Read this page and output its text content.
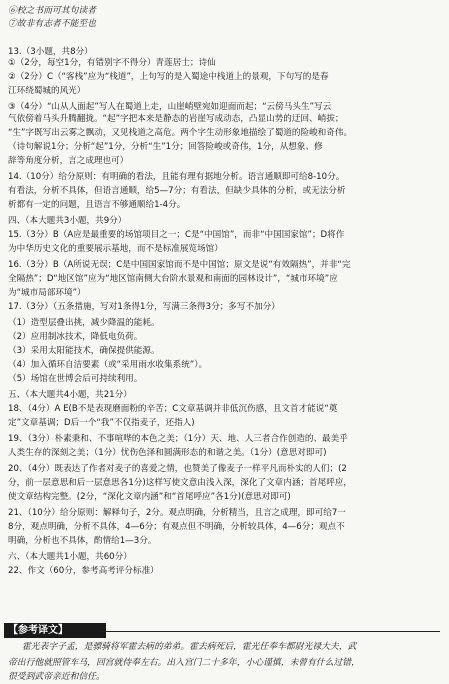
⑥校之书而可其句读者
⑦故非有志者不能至也
13.（3小题，共8分）
①（2分，每空1分，有错别字不得分）青莲居士；诗仙
②（2分）C（“客栈”应为“栈道”，上句写的是入蜀途中栈道上的景观，下句写的是春
江环绕蜀城的风光）
③（4分）“山从人面起”写人在蜀道上走，山崖峭壁宛如迎面而起；“云傍马头生”写云
气依傍着马头升腾翻拢。“起”字把本来是静态的岩崖写成动态，凸显山势的迂回、峭拔；
“生”字既写出云雾之飘动，又见栈道之高危。两个字生动形象地描绘了蜀道的险峻和奇伟。
（诗句解说1分；分析“起”1分，分析“生”1分；回答险峻或奇伟，1分，从想象、修
辞等角度分析，言之成理也可）
14.（10分）给分原则：有明确的看法，且能有理有据地分析。语言通顺即可给8-10分。
有看法，分析不具体，但语言通顺，给5—7分；有看法，但缺少具体的分析，或无法分析
析都有一定的问题，且语言不够通顺给1-4分。
四、（本大题共3小题，共9分）
15.（3分）B（A应是最重要的场馆项目之一；C是“中国馆”，而非“中国国家馆”；D将作
为中华历史文化的重要展示基地，而不是标准展览场馆）
16.（3分）B（A所说无误；C是中国国家馆而不是中国馆；原文是说“有效隔热”，并非“完
全隔热”；D“地区馆”应为“地区馆南侧大台阶水景观和南面的园林设计”，“城市环境”应
为“城市局部环境”）
17.（3分）（五条措施，写对1条得1分，写满三条得3分；多写不加分）
（1）造型层叠出挑，减少降温的能耗。
（2）应用制冰技术，降低电负荷。
（3）采用太阳能技术，确保提供能源。
（4）加入循环自洁要素（或“采用雨水收集系统”）。
（5）场馆在世博会后可持续利用。
五、（本大题共4小题，共21分）
18、（4分）A E(B不是表现磨面粉的辛苦；C文章基调并非低沉伤感，且文首才能说“奠
定”文章基调；D后一个“我”不仅指麦子，还指人)
19、（3分）朴素秉和、不事喧哗的本色之美；（1分）天、地、人三者合作创造的、最美乎
人类生存的深刻之美；（1分）忧伤色泽和圆满形态的和谐之美。（1分）(意思对即可)
20、（4分）既表达了作者对麦子的喜爱之情，也赞美了像麦子一样平凡而朴实的人们；(2
分，前一层意思和后一层意思各1分)这样写使文意由浅入深，深化了文章内涵；首尾呼应，
使文章结构完整。(2分，“深化文章内涵”和“首尾呼应”各1分)(意思对即可)
21、（10分）给分原则：解释句子，2分。观点明确，分析精当，且言之成理，即可给7一
8分，观点明确，分析不具体，4—6分；有观点但不明确，分析较具体，4—6分；观点不
明确，分析也不具体，酌情给1—3分。
六、（本大题共1小题，共60分）
22、作文（60分，参考高考评分标准）
【参考译文】
霍光表字子孟，是骠骑将军霍去病的弟弟。霍去病死后，霍光任奉车都尉光禄大夫，武
帝出行他就照管车马，回宫就侍奉左右。出入宫门二十多年，小心谨慎，未曾有什么过错，
很受到武帝亲近和信任。
